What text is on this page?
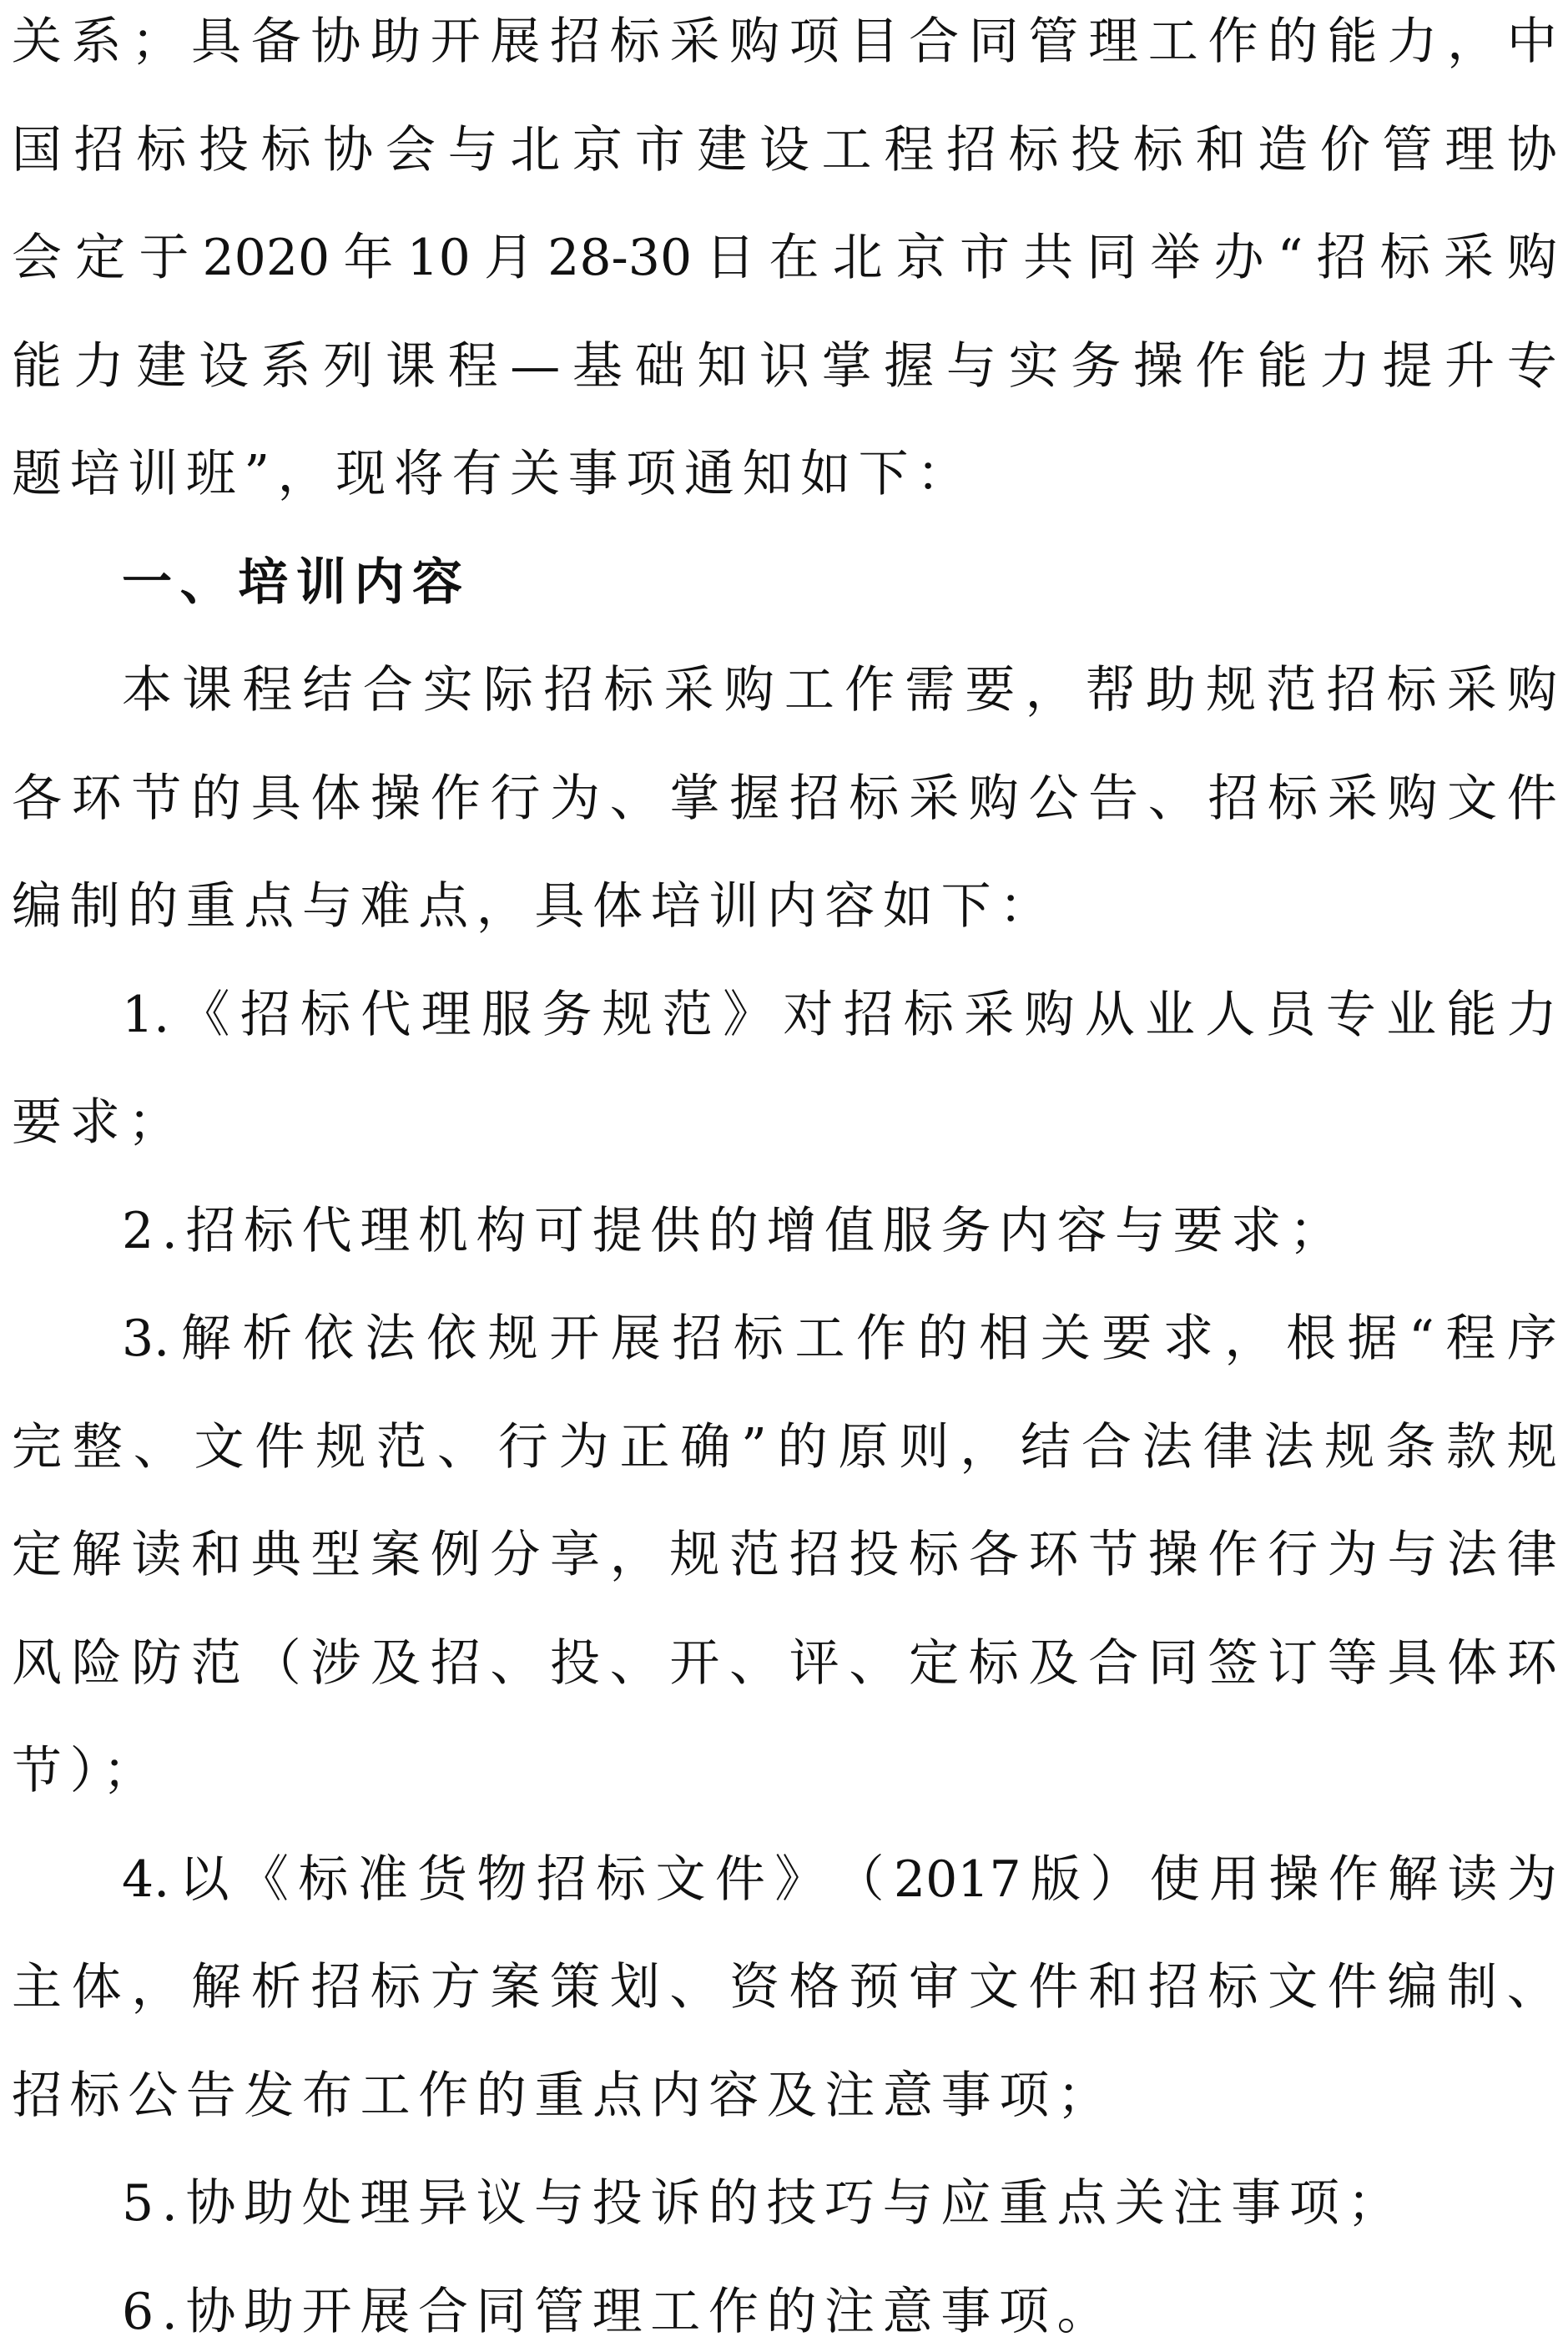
关 系 ； 具 备 协 助 开 展 招 标 采 购 项 目 合 同 管 理 工 作 的 能 力 ， 中
国 招 标 投 标 协 会 与 北 京 市 建 设 工 程 招 标 投 标 和 造 价 管 理 协
会 定 于 2020 年 10 月 28-30 日 在 北 京 市 共 同 举 办 “ 招 标 采 购
能 力 建 设 系 列 课 程 — 基 础 知 识 掌 握 与 实 务 操 作 能 力 提 升 专
题培训班”，现将有关事项通知如下：
一、培训内容
本 课 程 结 合 实 际 招 标 采 购 工 作 需 要 ， 帮 助 规 范 招 标 采 购
各 环 节 的 具 体 操 作 行 为 、 掌 握 招 标 采 购 公 告 、 招 标 采 购 文 件
编制的重点与难点，具体培训内容如下：
1. 《 招 标 代 理 服 务 规 范 》 对 招 标 采 购 从 业 人 员 专 业 能 力
要求；
2.招标代理机构可提供的增值服务内容与要求；
3. 解 析 依 法 依 规 开 展 招 标 工 作 的 相 关 要 求 ， 根 据 “ 程 序
完 整 、 文 件 规 范 、 行 为 正 确 ” 的 原 则 ， 结 合 法 律 法 规 条 款 规
定 解 读 和 典 型 案 例 分 享 ， 规 范 招 投 标 各 环 节 操 作 行 为 与 法 律
风 险 防 范 （ 涉 及 招 、 投 、 开 、 评 、 定 标 及 合 同 签 订 等 具 体 环
节）；
4. 以 《 标 准 货 物 招 标 文 件 》 （ 2017 版 ） 使 用 操 作 解 读 为
主 体 ， 解 析 招 标 方 案 策 划 、 资 格 预 审 文 件 和 招 标 文 件 编 制 、
招标公告发布工作的重点内容及注意事项；
5.协助处理异议与投诉的技巧与应重点关注事项；
6.协助开展合同管理工作的注意事项。
